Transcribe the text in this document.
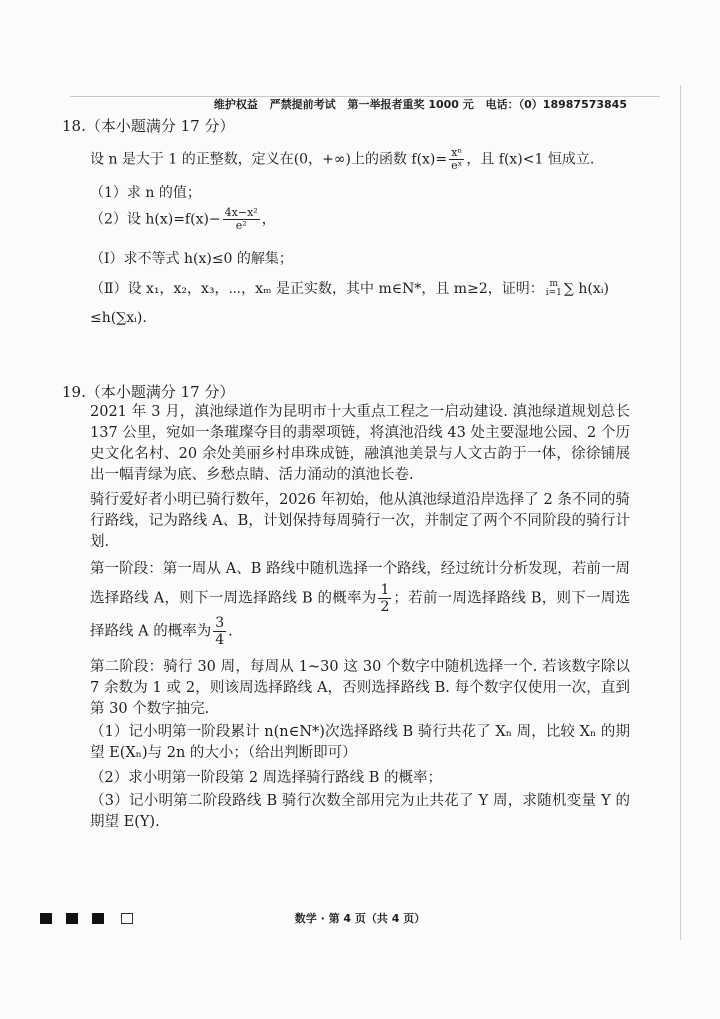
维护权益 严禁提前考试 第一举报者重奖 1000 元 电话：（0）18987573845
18.（本小题满分 17 分）
设 n 是大于 1 的正整数，定义在(0，+∞)上的函数 $f(x)= \frac{\text{xⁿ}}{\text{eˣ}}$ ，且 f(x)<1 恒成立.
（1）求 n 的值；
（2）设 $h(x)=f(x)- \frac{\text{4x−x²}}{\text{e²}}$ ，
（Ⅰ）求不等式 h(x)≤0 的解集；
（Ⅱ）设 x₁，x₂，x₃，⋯，xₘ 是正实数，其中 m∈N*，且 m≥2，证明： m
i=1 ∑ h(xᵢ)
≤h(∑xᵢ).
19.（本小题满分 17 分）
2021 年 3 月，滇池绿道作为昆明市十大重点工程之一启动建设. 滇池绿道规划总长 137 公里，宛如一条璀璨夺目的翡翠项链，将滇池沿线 43 处主要湿地公园、2 个历史文化名村、20 余处美丽乡村串珠成链，融滇池美景与人文古韵于一体，徐徐铺展出一幅青绿为底、乡愁点睛、活力涌动的滇池长卷.
骑行爱好者小明已骑行数年，2026 年初始，他从滇池绿道沿岸选择了 2 条不同的骑行路线，记为路线 A、B，计划保持每周骑行一次，并制定了两个不同阶段的骑行计划.
第一阶段：第一周从 A、B 路线中随机选择一个路线，经过统计分析发现，若前一周选择路线 A，则下一周选择路线 B 的概率为 $\frac{1}{2}$ ；若前一周选择路线 B，则下一周选择路线 A 的概率为 $\frac{3}{4}$ .
第二阶段：骑行 30 周，每周从 1~30 这 30 个数字中随机选择一个. 若该数字除以 7 余数为 1 或 2，则该周选择路线 A，否则选择路线 B. 每个数字仅使用一次，直到第 30 个数字抽完.
（1）记小明第一阶段累计 n(n∈N*)次选择路线 B 骑行共花了 Xₙ 周，比较 Xₙ 的期望 E(Xₙ)与 2n 的大小；（给出判断即可）
（2）求小明第一阶段第 2 周选择骑行路线 B 的概率；
（3）记小明第二阶段路线 B 骑行次数全部用完为止共花了 Y 周，求随机变量 Y 的期望 E(Y).
数学 · 第 4 页（共 4 页）
